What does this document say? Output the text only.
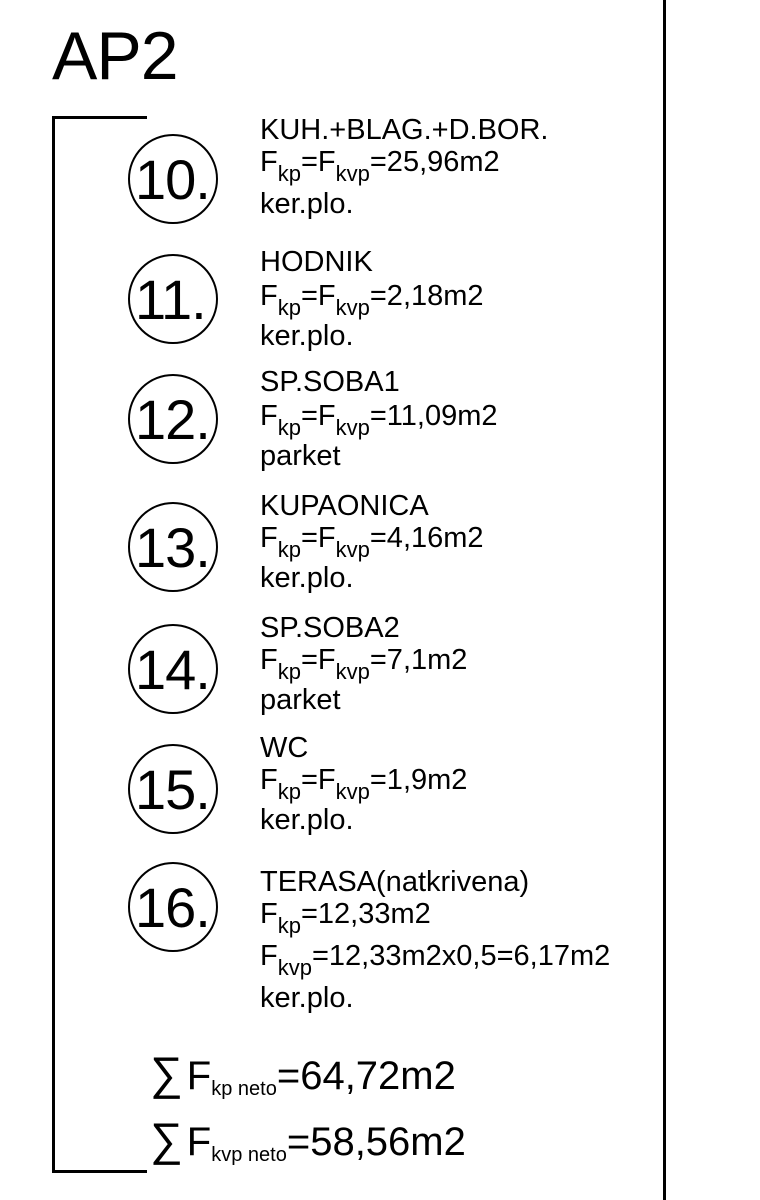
AP2
10.
KUH.+BLAG.+D.BOR.
$F_{kp}=F_{kvp}=25,96m2$
ker.plo.
11.
HODNIK
$F_{kp}=F_{kvp}=2,18m2$
ker.plo.
12.
SP.SOBA1
$F_{kp}=F_{kvp}=11,09m2$
parket
13.
KUPAONICA
$F_{kp}=F_{kvp}=4,16m2$
ker.plo.
14.
SP.SOBA2
$F_{kp}=F_{kvp}=7,1m2$
parket
15.
WC
$F_{kp}=F_{kvp}=1,9m2$
ker.plo.
16. TERASA(natkrivena)
$F_{kp}=12,33m2$
$F_{kvp}=12,33m2x0,5=6,17m2$
ker.plo.
∑ Fkp neto=64,72m2
∑ Fkvp neto=58,56m2
